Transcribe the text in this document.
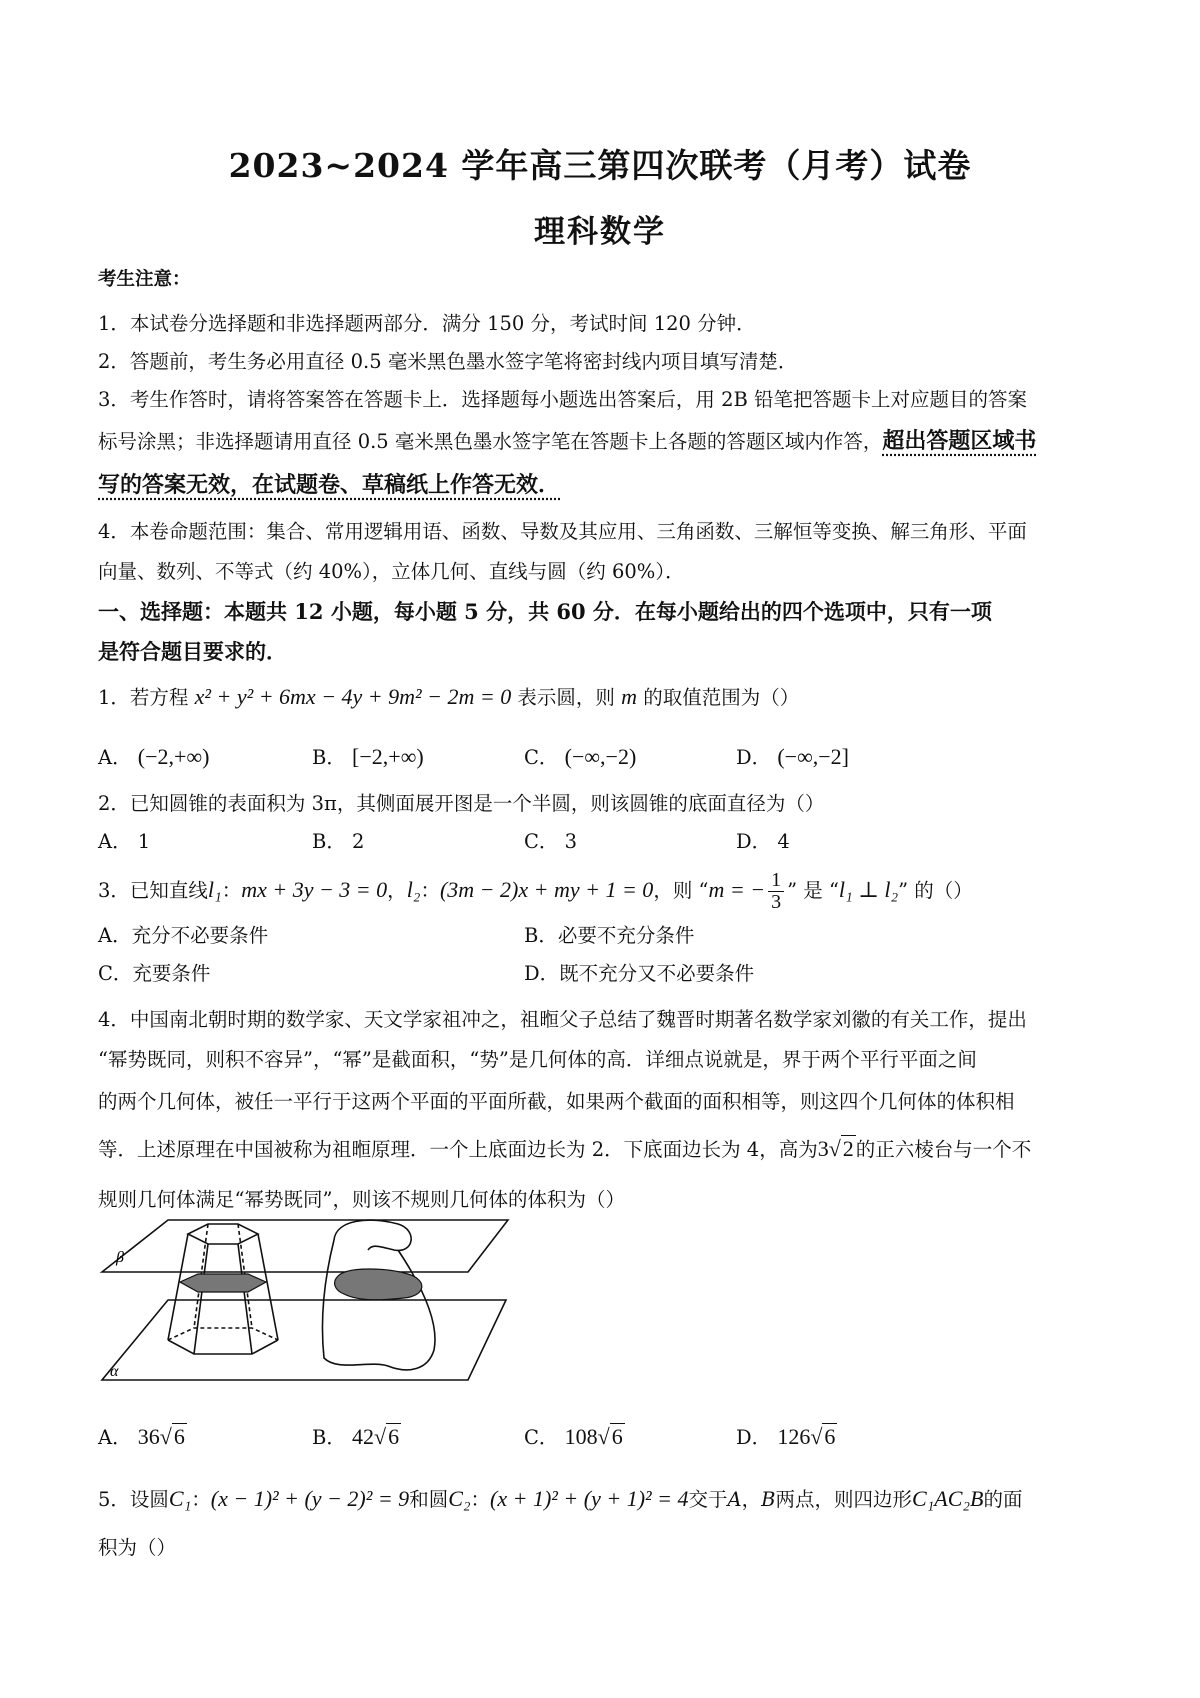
2023~2024 学年高三第四次联考（月考）试卷
理科数学
考生注意：
1．本试卷分选择题和非选择题两部分．满分 150 分，考试时间 120 分钟．
2．答题前，考生务必用直径 0.5 毫米黑色墨水签字笔将密封线内项目填写清楚．
3．考生作答时，请将答案答在答题卡上．选择题每小题选出答案后，用 2B 铅笔把答题卡上对应题目的答案
标号涂黑；非选择题请用直径 0.5 毫米黑色墨水签字笔在答题卡上各题的答题区域内作答，超出答题区域书
写的答案无效，在试题卷、草稿纸上作答无效．
4．本卷命题范围：集合、常用逻辑用语、函数、导数及其应用、三角函数、三解恒等变换、解三角形、平面
向量、数列、不等式（约 40%），立体几何、直线与圆（约 60%）．
一、选择题：本题共 12 小题，每小题 5 分，共 60 分．在每小题给出的四个选项中，只有一项
是符合题目要求的．
1．若方程 x² + y² + 6mx − 4y + 9m² − 2m = 0 表示圆，则 m 的取值范围为（）
A． (−2,+∞)	B． [−2,+∞)	C． (−∞,−2)	D． (−∞,−2]
2．已知圆锥的表面积为 3π，其侧面展开图是一个半圆，则该圆锥的底面直径为（）
A． 1	B． 2	C． 3	D． 4
3．已知直线l₁：mx + 3y − 3 = 0，l₂：(3m − 2)x + my + 1 = 0，则 “m = − $\frac{1}{3}$ ” 是 “l₁ ⊥ l₂” 的（）
A．充分不必要条件	B．必要不充分条件
C．充要条件	D．既不充分又不必要条件
4．中国南北朝时期的数学家、天文学家祖冲之，祖暅父子总结了魏晋时期著名数学家刘徽的有关工作，提出
“幂势既同，则积不容异”，“幂”是截面积，“势”是几何体的高．详细点说就是，界于两个平行平面之间
的两个几何体，被任一平行于这两个平面的平面所截，如果两个截面的面积相等，则这四个几何体的体积相
等．上述原理在中国被称为祖暅原理．一个上底面边长为 2．下底面边长为 4，高为3√2 的正六棱台与一个不
规则几何体满足“幂势既同”，则该不规则几何体的体积为（）
β
α
A． 36√6	B． 42√6	C． 108√6	D． 126√6
5．设圆C₁：(x − 1)² + (y − 2)² = 9和圆C₂：(x + 1)² + (y + 1)² = 4交于A，B两点，则四边形C₁AC₂B的面
积为（）
